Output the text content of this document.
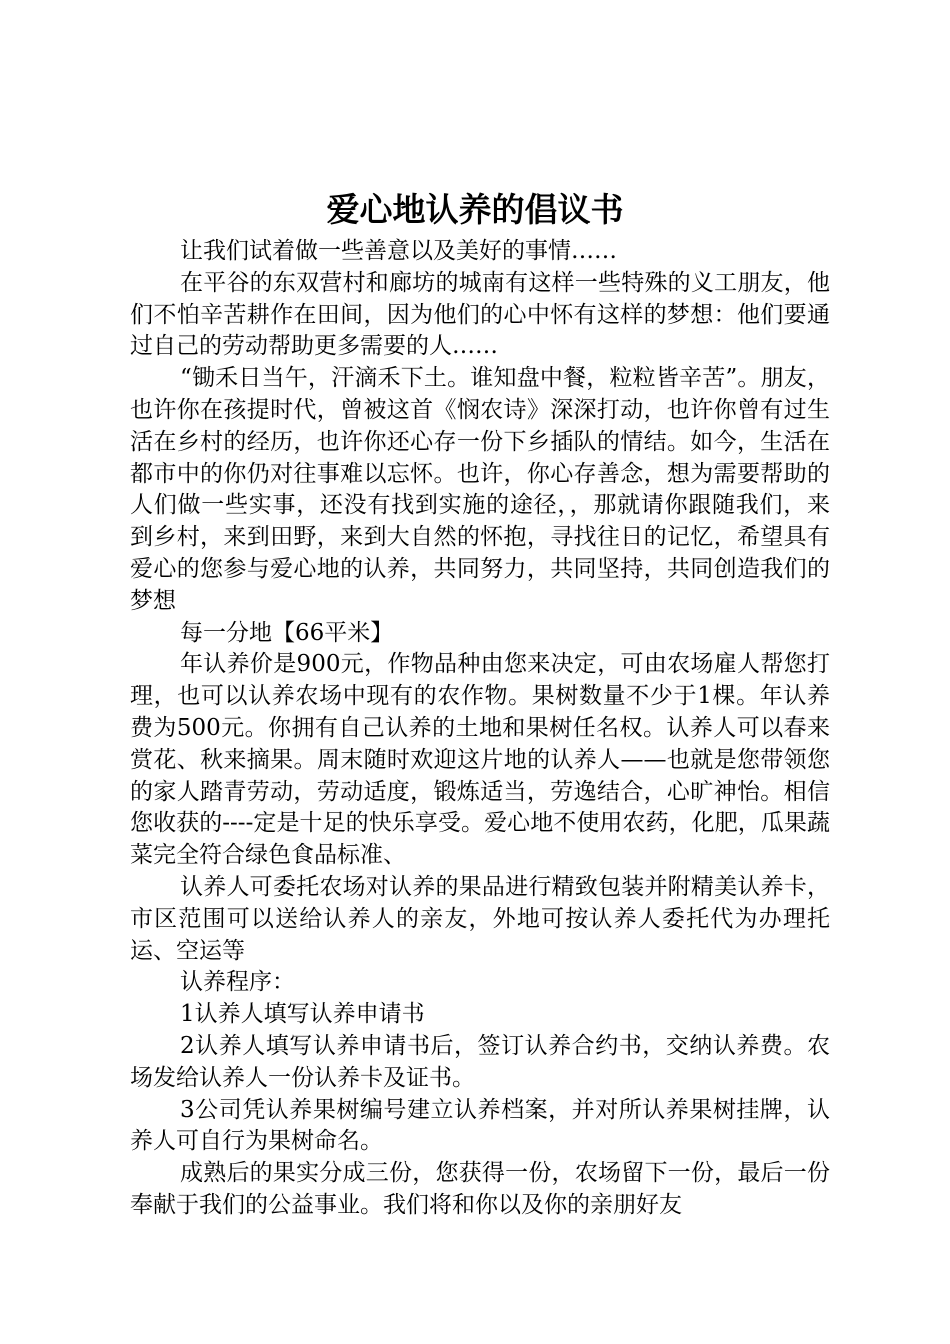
爱心地认养的倡议书

让我们试着做一些善意以及美好的事情……

在平谷的东双营村和廊坊的城南有这样一些特殊的义工朋友，他们不怕辛苦耕作在田间，因为他们的心中怀有这样的梦想：他们要通过自己的劳动帮助更多需要的人……

“锄禾日当午，汗滴禾下土。谁知盘中餐，粒粒皆辛苦”。朋友，也许你在孩提时代，曾被这首《悯农诗》深深打动，也许你曾有过生活在乡村的经历，也许你还心存一份下乡插队的情结。如今，生活在都市中的你仍对往事难以忘怀。也许，你心存善念，想为需要帮助的人们做一些实事，还没有找到实施的途径，，那就请你跟随我们，来到乡村，来到田野，来到大自然的怀抱，寻找往日的记忆，希望具有爱心的您参与爱心地的认养，共同努力，共同坚持，共同创造我们的梦想

每一分地【66平米】

年认养价是900元，作物品种由您来决定，可由农场雇人帮您打理，也可以认养农场中现有的农作物。果树数量不少于1棵。年认养费为500元。你拥有自己认养的土地和果树任名权。认养人可以春来赏花、秋来摘果。周末随时欢迎这片地的认养人——也就是您带领您的家人踏青劳动，劳动适度，锻炼适当，劳逸结合，心旷神怡。相信您收获的----定是十足的快乐享受。爱心地不使用农药，化肥，瓜果蔬菜完全符合绿色食品标准、

认养人可委托农场对认养的果品进行精致包装并附精美认养卡，市区范围可以送给认养人的亲友，外地可按认养人委托代为办理托运、空运等

认养程序：

1认养人填写认养申请书

2认养人填写认养申请书后，签订认养合约书，交纳认养费。农场发给认养人一份认养卡及证书。

3公司凭认养果树编号建立认养档案，并对所认养果树挂牌，认养人可自行为果树命名。

成熟后的果实分成三份，您获得一份，农场留下一份，最后一份奉献于我们的公益事业。我们将和你以及你的亲朋好友
